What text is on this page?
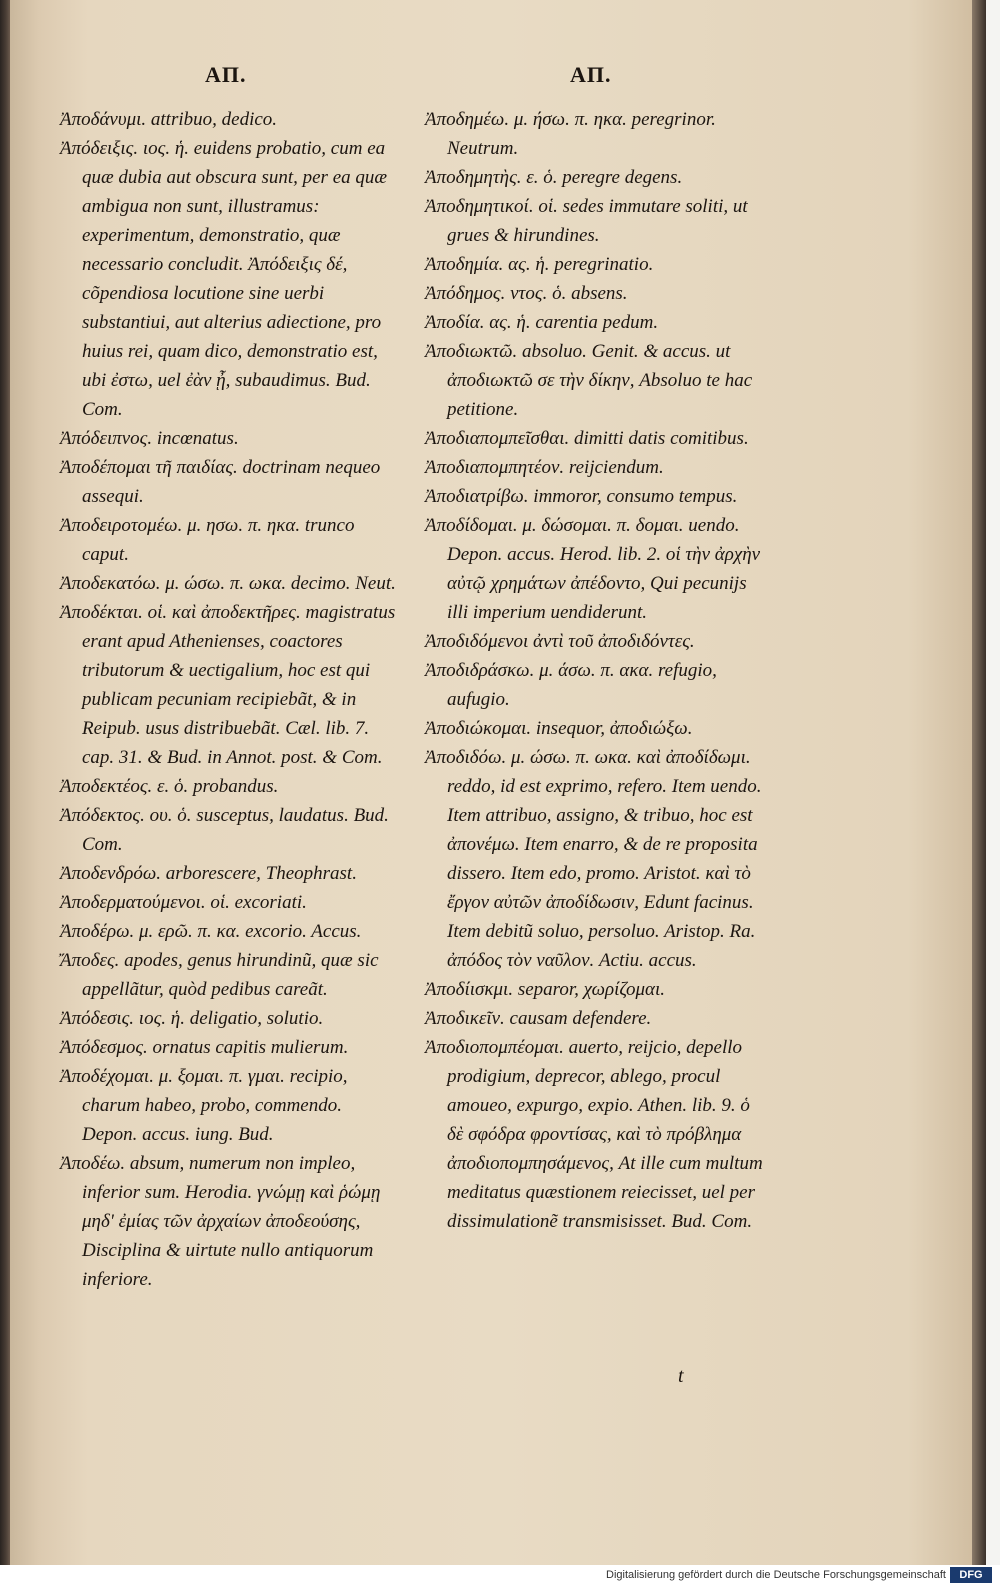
AΠ.	AΠ.

Ἀποδάνυμι. attribuo, dedico.

Ἀπόδειξις. ιος. ἡ. euidens probatio, cum ea quæ dubia aut obscura sunt, per ea quæ ambigua non sunt, illustramus: experimentum, demonstratio, quæ necessario concludit. Ἀπόδειξις δέ, cõpendiosa locutione sine uerbi substantiui, aut alterius adiectione, pro huius rei, quam dico, demonstratio est, ubi ἐστω, uel ἐὰν ᾖ, subaudimus. Bud. Com.

Ἀπόδειπνος. incœnatus.

Ἀποδέπομαι τῆ παιδίας. doctrinam nequeo assequi.

Ἀποδειροτομέω. μ. ησω. π. ηκα. trunco caput.

Ἀποδεκατόω. μ. ώσω. π. ωκα. decimo. Neut.

Ἀποδέκται. οἱ. καὶ ἀποδεκτῆρες. magistratus erant apud Athenienses, coactores tributorum & uectigalium, hoc est qui publicam pecuniam recipiebãt, & in Reipub. usus distribuebãt. Cæl. lib. 7. cap. 31. & Bud. in Annot. post. & Com.

Ἀποδεκτέος. ε. ὁ. probandus.

Ἀπόδεκτος. ου. ὁ. susceptus, laudatus. Bud. Com.

Ἀποδενδρόω. arborescere, Theophrast.

Ἀποδερματούμενοι. οἱ. excoriati.

Ἀποδέρω. μ. ερῶ. π. κα. excorio. Accus.

Ἄποδες. apodes, genus hirundinũ, quæ sic appellãtur, quòd pedibus careãt.

Ἀπόδεσις. ιος. ἡ. deligatio, solutio.

Ἀπόδεσμος. ornatus capitis mulierum.

Ἀποδέχομαι. μ. ξομαι. π. γμαι. recipio, charum habeo, probo, commendo. Depon. accus. iung. Bud.

Ἀποδέω. absum, numerum non impleo, inferior sum. Herodia. γνώμῃ καὶ ῥώμῃ μηδ' ἐμίας τῶν ἀρχαίων ἀποδεούσης, Disciplina & uirtute nullo antiquorum inferiore.

Ἀποδημέω. μ. ήσω. π. ηκα. peregrinor. Neutrum.

Ἀποδημητὴς. ε. ὁ. peregre degens.

Ἀποδημητικοί. οἱ. sedes immutare soliti, ut grues & hirundines.

Ἀποδημία. ας. ἡ. peregrinatio.

Ἀπόδημος. ντος. ὁ. absens.

Ἀποδία. ας. ἡ. carentia pedum.

Ἀποδιωκτῶ. absoluo. Genit. & accus. ut ἀποδιωκτῶ σε τὴν δίκην, Absoluo te hac petitione.

Ἀποδιαπομπεῖσθαι. dimitti datis comitibus.

Ἀποδιαπομπητέον. reijciendum.

Ἀποδιατρίβω. immoror, consumo tempus.

Ἀποδίδομαι. μ. δώσομαι. π. δομαι. uendo. Depon. accus. Herod. lib. 2. οἱ τὴν ἀρχὴν αὐτῷ χρημάτων ἀπέδοντο, Qui pecunijs illi imperium uendiderunt.

Ἀποδιδόμενοι ἀντὶ τοῦ ἀποδιδόντες.

Ἀποδιδράσκω. μ. άσω. π. ακα. refugio, aufugio.

Ἀποδιώκομαι. insequor, ἀποδιώξω.

Ἀποδιδόω. μ. ώσω. π. ωκα. καὶ ἀποδίδωμι. reddo, id est exprimo, refero. Item uendo. Item attribuo, assigno, & tribuo, hoc est ἀπονέμω. Item enarro, & de re proposita dissero. Item edo, promo. Aristot. καὶ τὸ ἔργον αὐτῶν ἀποδίδωσιν, Edunt facinus. Item debitũ soluo, persoluo. Aristop. Ra. ἀπόδος τὸν ναῦλον. Actiu. accus.

Ἀποδίισκμι. separor, χωρίζομαι.

Ἀποδικεῖν. causam defendere.

Ἀποδιοπομπέομαι. auerto, reijcio, depello prodigium, deprecor, ablego, procul amoueo, expurgo, expio. Athen. lib. 9. ὁ δὲ σφόδρα φροντίσας, καὶ τὸ πρόβλημα ἀποδιοπομπησάμενος, At ille cum multum meditatus quæstionem reiecisset, uel per dissimulationẽ transmisisset. Bud. Com.

t
Digitalisierung gefördert durch die Deutsche Forschungsgemeinschaft	DFG
